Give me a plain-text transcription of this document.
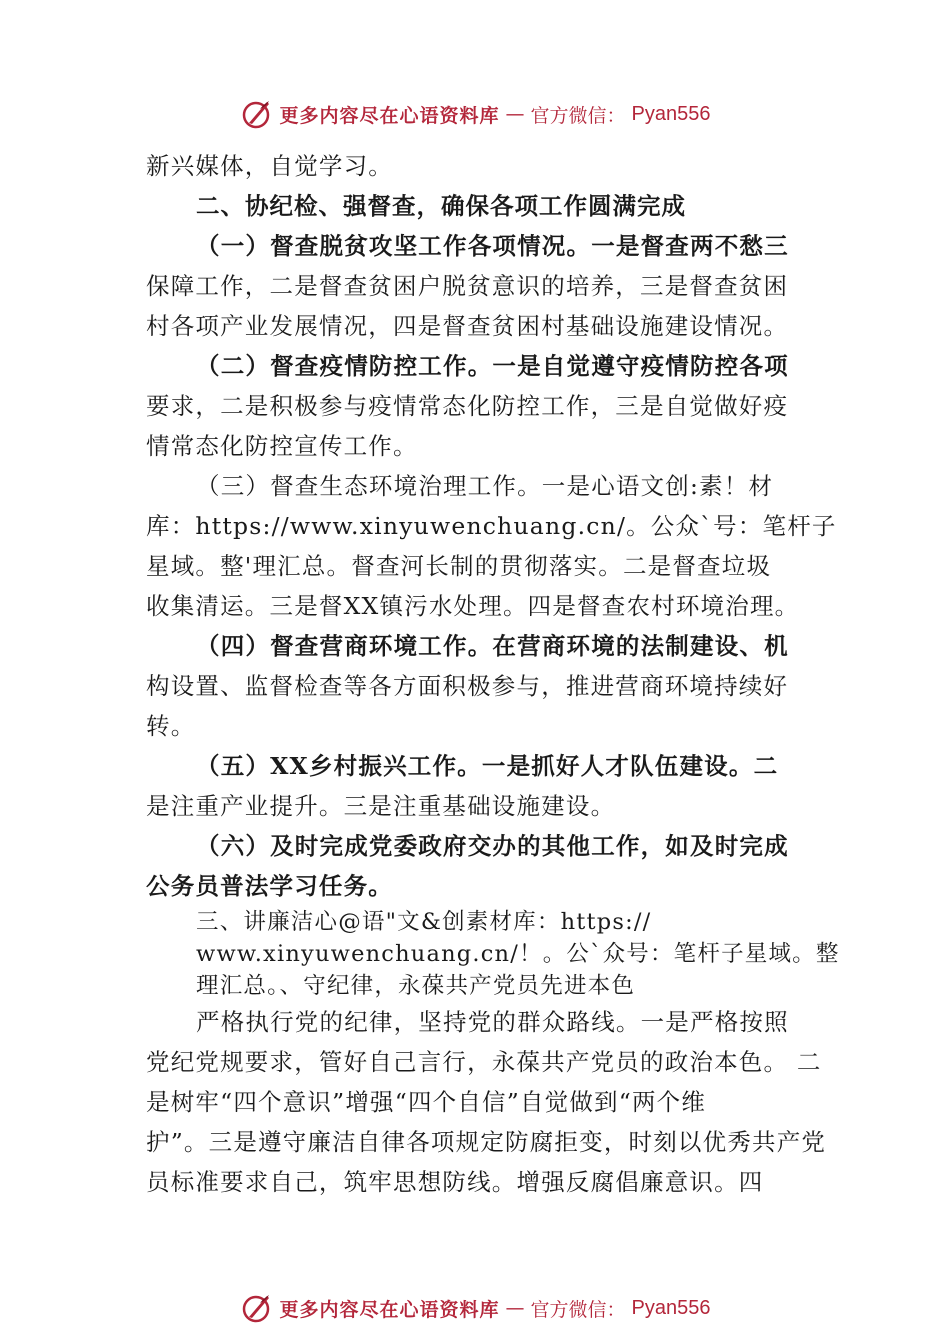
更多内容尽在心语资料库 — 官方微信： Pyan556
新兴媒体，自觉学习。
二、协纪检、强督查，确保各项工作圆满完成
（一）督查脱贫攻坚工作各项情况。一是督查两不愁三
保障工作，二是督查贫困户脱贫意识的培养，三是督查贫困
村各项产业发展情况，四是督查贫困村基础设施建设情况。
（二）督查疫情防控工作。一是自觉遵守疫情防控各项
要求，二是积极参与疫情常态化防控工作，三是自觉做好疫
情常态化防控宣传工作。
（三）督查生态环境治理工作。一是心语文创:素！材
库：https://www.xinyuwenchuang.cn/。公众`号：笔杆子
星域。整'理汇总。督查河长制的贯彻落实。二是督查垃圾
收集清运。三是督XX镇污水处理。四是督查农村环境治理。
（四）督查营商环境工作。在营商环境的法制建设、机
构设置、监督检查等各方面积极参与，推进营商环境持续好
转。
（五）XX乡村振兴工作。一是抓好人才队伍建设。二
是注重产业提升。三是注重基础设施建设。
（六）及时完成党委政府交办的其他工作，如及时完成
公务员普法学习任务。
三、讲廉洁心@语"文&创素材库：https://
www.xinyuwenchuang.cn/！。公`众号：笔杆子星域。整
理汇总。、守纪律，永葆共产党员先进本色
严格执行党的纪律，坚持党的群众路线。一是严格按照
党纪党规要求，管好自己言行，永葆共产党员的政治本色。 二
是树牢“四个意识”增强“四个自信”自觉做到“两个维
护”。三是遵守廉洁自律各项规定防腐拒变，时刻以优秀共产党
员标准要求自己，筑牢思想防线。增强反腐倡廉意识。四
更多内容尽在心语资料库 — 官方微信： Pyan556
